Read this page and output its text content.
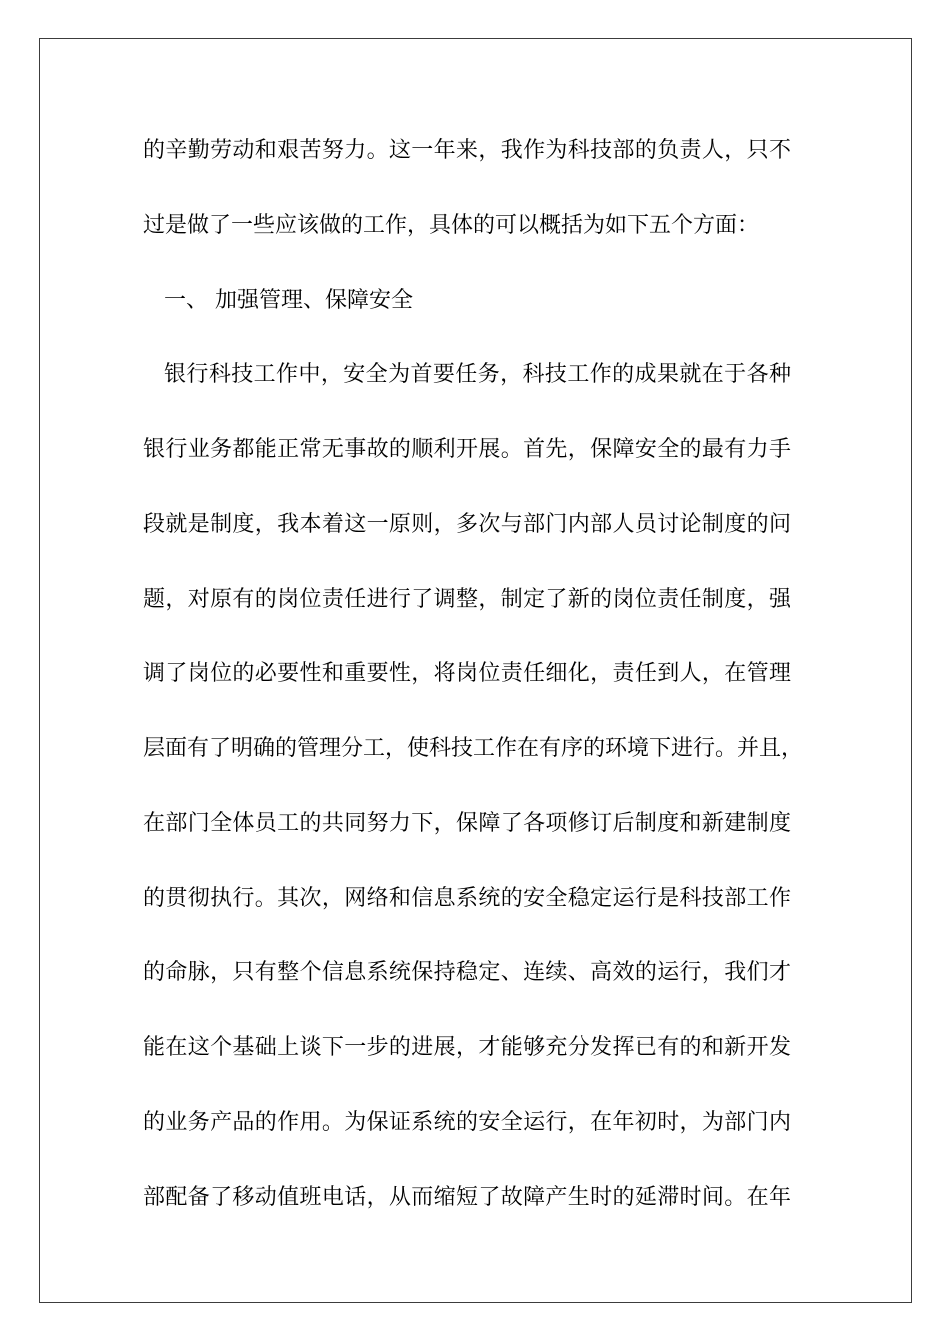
的辛勤劳动和艰苦努力。这一年来，我作为科技部的负责人，只不
过是做了一些应该做的工作，具体的可以概括为如下五个方面：
一、 加强管理、保障安全
银行科技工作中，安全为首要任务，科技工作的成果就在于各种
银行业务都能正常无事故的顺利开展。首先，保障安全的最有力手
段就是制度，我本着这一原则，多次与部门内部人员讨论制度的问
题，对原有的岗位责任进行了调整，制定了新的岗位责任制度，强
调了岗位的必要性和重要性，将岗位责任细化，责任到人，在管理
层面有了明确的管理分工，使科技工作在有序的环境下进行。并且，
在部门全体员工的共同努力下，保障了各项修订后制度和新建制度
的贯彻执行。其次，网络和信息系统的安全稳定运行是科技部工作
的命脉，只有整个信息系统保持稳定、连续、高效的运行，我们才
能在这个基础上谈下一步的进展，才能够充分发挥已有的和新开发
的业务产品的作用。为保证系统的安全运行，在年初时，为部门内
部配备了移动值班电话，从而缩短了故障产生时的延滞时间。在年
